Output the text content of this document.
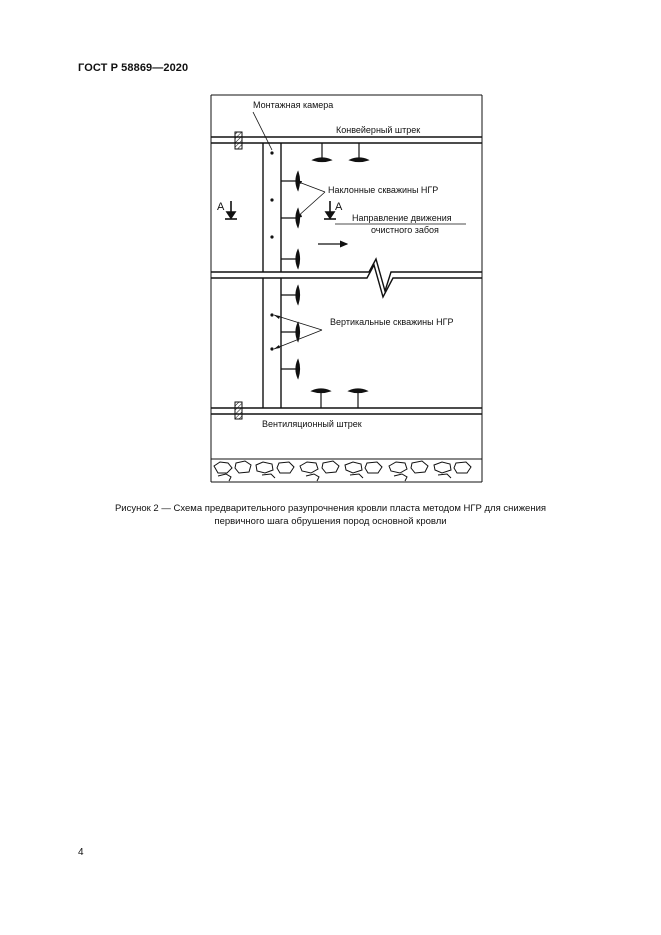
ГОСТ Р 58869—2020
Монтажная камера
Конвейерный штрек
Наклонные скважины НГР
А	А
Направление движения
очистного забоя
Вертикальные скважины НГР
Вентиляционный штрек
Рисунок 2 — Схема предварительного разупрочнения кровли пласта методом НГР для снижения
первичного шага обрушения пород основной кровли
4
